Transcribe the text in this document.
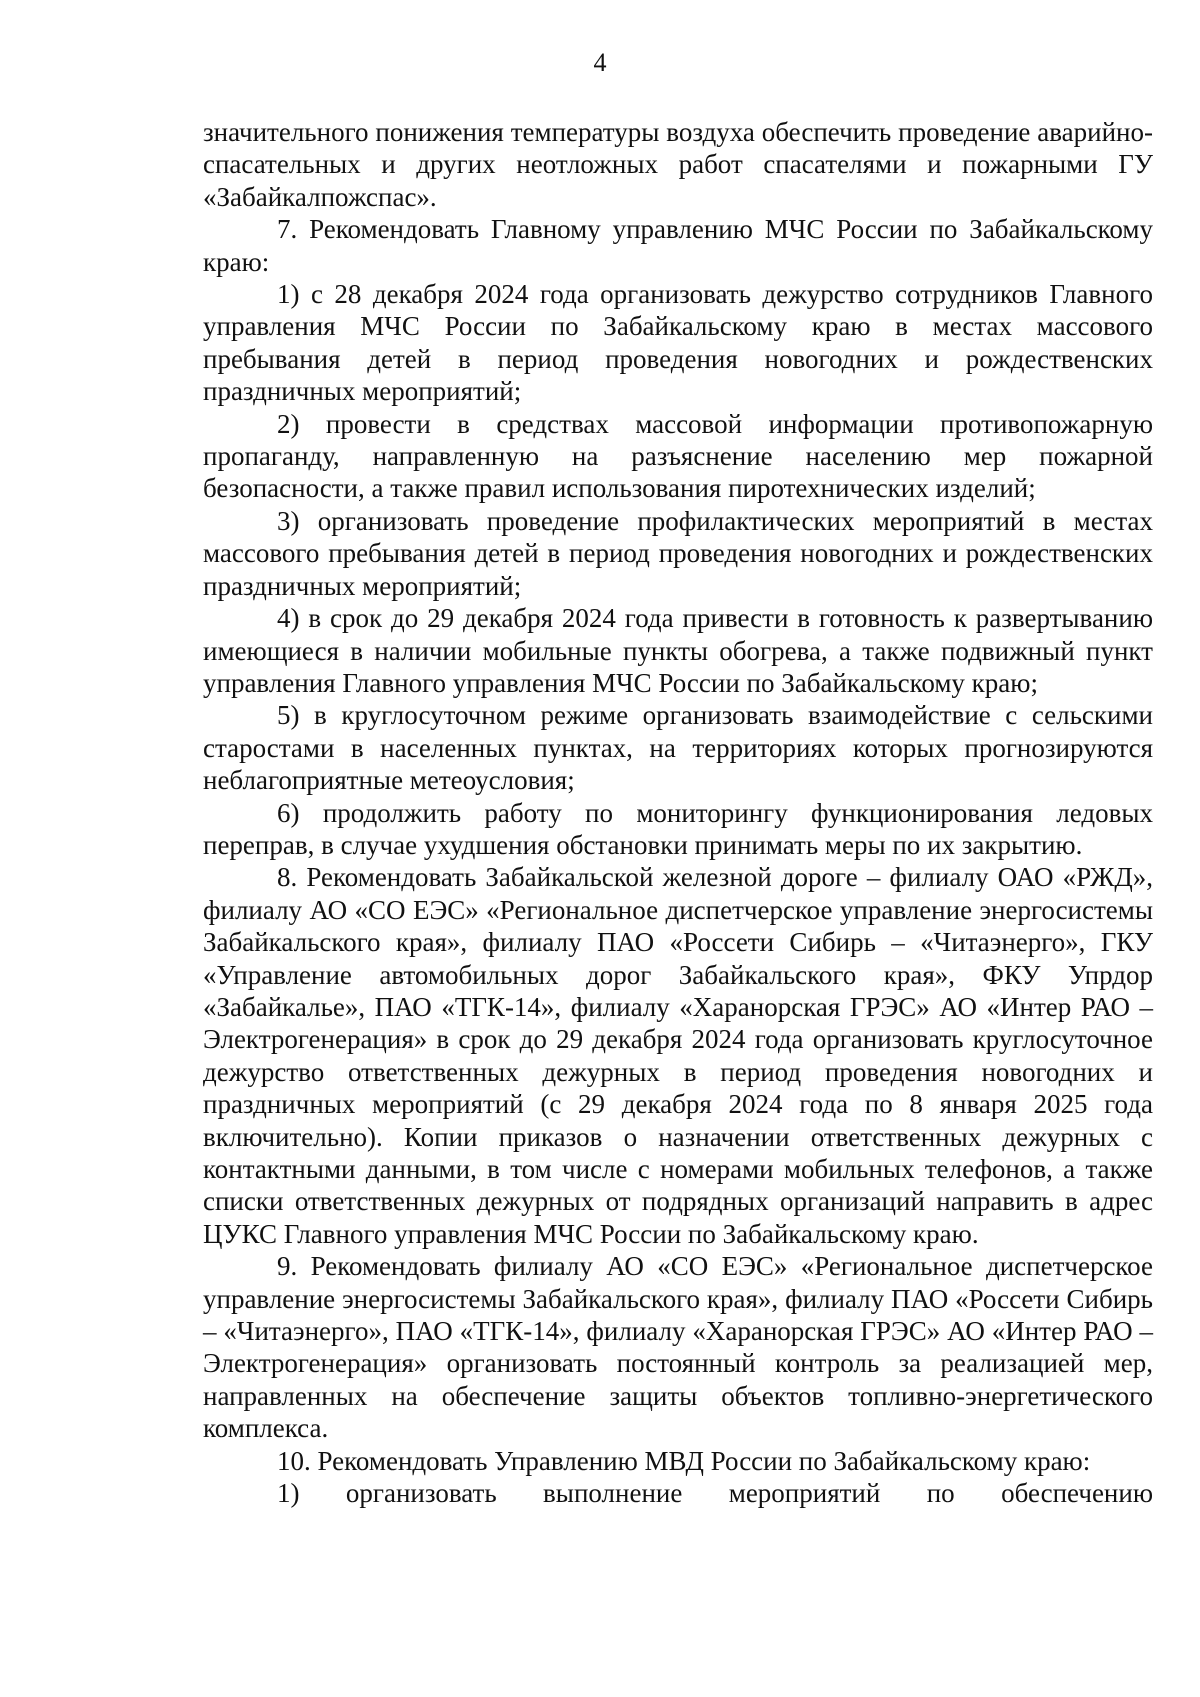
4

значительного понижения температуры воздуха обеспечить проведение аварийно-спасательных и других неотложных работ спасателями и пожарными ГУ «Забайкалпожспас».

7. Рекомендовать Главному управлению МЧС России по Забайкальскому краю:

1) с 28 декабря 2024 года организовать дежурство сотрудников Главного управления МЧС России по Забайкальскому краю в местах массового пребывания детей в период проведения новогодних и рождественских праздничных мероприятий;

2) провести в средствах массовой информации противопожарную пропаганду, направленную на разъяснение населению мер пожарной безопасности, а также правил использования пиротехнических изделий;

3) организовать проведение профилактических мероприятий в местах массового пребывания детей в период проведения новогодних и рождественских праздничных мероприятий;

4) в срок до 29 декабря 2024 года привести в готовность к развертыванию имеющиеся в наличии мобильные пункты обогрева, а также подвижный пункт управления Главного управления МЧС России по Забайкальскому краю;

5) в круглосуточном режиме организовать взаимодействие с сельскими старостами в населенных пунктах, на территориях которых прогнозируются неблагоприятные метеоусловия;

6) продолжить работу по мониторингу функционирования ледовых переправ, в случае ухудшения обстановки принимать меры по их закрытию.

8. Рекомендовать Забайкальской железной дороге – филиалу ОАО «РЖД», филиалу АО «СО ЕЭС» «Региональное диспетчерское управление энергосистемы Забайкальского края», филиалу ПАО «Россети Сибирь – «Читаэнерго», ГКУ «Управление автомобильных дорог Забайкальского края», ФКУ Упрдор «Забайкалье», ПАО «ТГК-14», филиалу «Харанорская ГРЭС» АО «Интер РАО – Электрогенерация» в срок до 29 декабря 2024 года организовать круглосуточное дежурство ответственных дежурных в период проведения новогодних и праздничных мероприятий (с 29 декабря 2024 года по 8 января 2025 года включительно). Копии приказов о назначении ответственных дежурных с контактными данными, в том числе с номерами мобильных телефонов, а также списки ответственных дежурных от подрядных организаций направить в адрес ЦУКС Главного управления МЧС России по Забайкальскому краю.

9. Рекомендовать филиалу АО «СО ЕЭС» «Региональное диспетчерское управление энергосистемы Забайкальского края», филиалу ПАО «Россети Сибирь – «Читаэнерго», ПАО «ТГК-14», филиалу «Харанорская ГРЭС» АО «Интер РАО – Электрогенерация» организовать постоянный контроль за реализацией мер, направленных на обеспечение защиты объектов топливно-энергетического комплекса.

10. Рекомендовать Управлению МВД России по Забайкальскому краю:

1) организовать выполнение мероприятий по обеспечению
